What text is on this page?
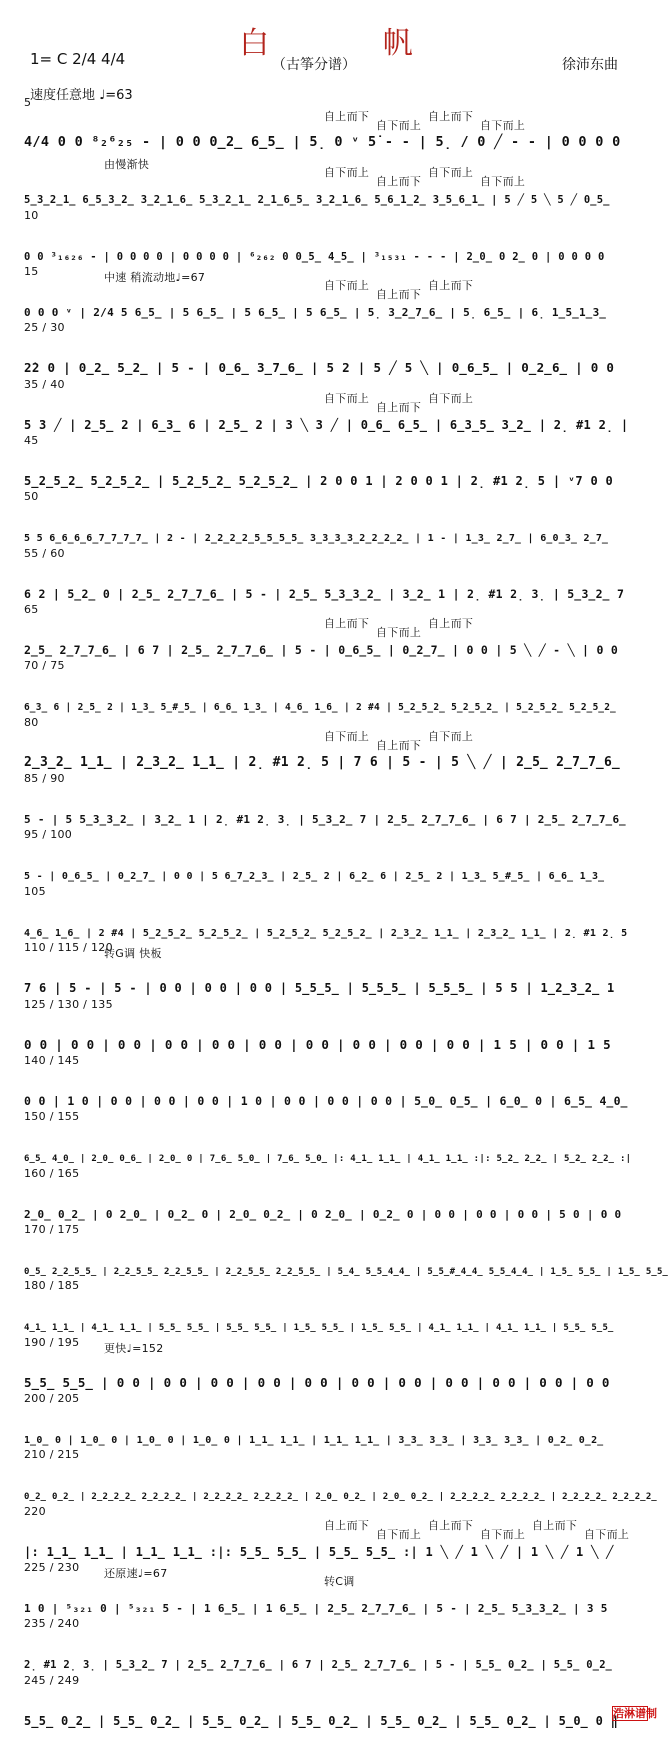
白 帆
1= C 2/4 4/4	（古筝分谱）	徐沛东曲
速度任意地 ♩=63
5
自上而下
自下而上
自上而下
自下而上
4/4 0 0 ⁸₂⁶₂₅ - | 0 0 0̲2̲ 6̲5̲ | 5̣ 0 ᵛ 5̇ - - | 5̣ / 0 ╱ - - | 0 0 0 0
由慢渐快
自下而上
自上而下
自下而上
自下而上
5̲3̲2̲1̲ 6̲5̲3̲2̲ 3̲2̲1̲6̲ 5̲3̲2̲1̲ 2̲1̲6̲5̲ 3̲2̲1̲6̲ 5̲6̲1̲2̲ 3̲5̲6̲1̲ | 5 ╱ 5 ╲ 5 ╱ 0̲5̲
10
0 0 ³₁₆₂₆ - | 0 0 0 0 | 0 0 0 0 | ⁶₂₆₂ 0 0̲5̲ 4̲5̲ | ³₁₅₃₁ - - - | 2̲0̲ 0 2̲ 0 | 0 0 0 0
15	中速 稍流动地♩=67
自下而上
自上而下
自上而下
0 0 0 ᵛ | 2/4 5 6̲5̲ | 5 6̲5̲ | 5 6̲5̲ | 5 6̲5̲ | 5̣ 3̲2̲7̲6̲ | 5̣ 6̲5̲ | 6̣ 1̲5̲1̲3̲
25 / 30
2̇2 0 | 0̲2̲ 5̲2̲ | 5 - | 0̲6̲ 3̲7̲6̲ | 5 2 | 5 ╱ 5 ╲ | 0̲6̲5̲ | 0̲2̲6̲ | 0 0
35 / 40
自下而上
自上而下
自下而上
5 3 ╱ | 2̲5̲ 2 | 6̲3̲ 6 | 2̲5̲ 2 | 3 ╲ 3 ╱ | 0̲6̲ 6̲5̲ | 6̲3̲5̲ 3̲2̲ | 2̣ #1 2̣ |
45
5̲2̲5̲2̲ 5̲2̲5̲2̲ | 5̲2̲5̲2̲ 5̲2̲5̲2̲ | 2 0 0 1 | 2 0 0 1 | 2̣ #1 2̣ 5 | ᵛ7 0 0
50
5 5 6̲6̲6̲6̲7̲7̲7̲7̲ | 2 - | 2̲2̲2̲2̲5̲5̲5̲5̲ 3̲3̲3̲3̲2̲2̲2̲2̲ | 1 - | 1̲3̲ 2̲7̲ | 6̲0̲3̲ 2̲7̲
55 / 60
6 2 | 5̲2̲ 0 | 2̲5̲ 2̲7̲7̲6̲ | 5 - | 2̲5̲ 5̲3̲3̲2̲ | 3̲2̲ 1 | 2̣ #1 2̣ 3̣ | 5̲3̲2̲ 7
65
自上而下
自下而上
自上而下
2̲5̲ 2̲7̲7̲6̲ | 6 7 | 2̲5̲ 2̲7̲7̲6̲ | 5 - | 0̲6̲5̲ | 0̲2̲7̲ | 0 0 | 5 ╲ ╱ - ╲ | 0 0
70 / 75
6̲3̲ 6 | 2̲5̲ 2 | 1̲3̲ 5̲#̲5̲ | 6̲6̲ 1̲3̲ | 4̲6̲ 1̲6̲ | 2 #4 | 5̲2̲5̲2̲ 5̲2̲5̲2̲ | 5̲2̲5̲2̲ 5̲2̲5̲2̲
80
自下而上
自上而下
自下而上
2̲3̲2̲ 1̲1̲ | 2̲3̲2̲ 1̲1̲ | 2̣ #1 2̣ 5 | 7 6 | 5 - | 5 ╲ ╱ | 2̲5̲ 2̲7̲7̲6̲
85 / 90
5 - | 5 5̲3̲3̲2̲ | 3̲2̲ 1 | 2̣ #1 2̣ 3̣ | 5̲3̲2̲ 7 | 2̲5̲ 2̲7̲7̲6̲ | 6 7 | 2̲5̲ 2̲7̲7̲6̲
95 / 100
5 - | 0̲6̲5̲ | 0̲2̲7̲ | 0 0 | 5 6̲7̲2̲3̲ | 2̲5̲ 2 | 6̲2̲ 6 | 2̲5̲ 2 | 1̲3̲ 5̲#̲5̲ | 6̲6̲ 1̲3̲
105
4̲6̲ 1̲6̲ | 2 #4 | 5̲2̲5̲2̲ 5̲2̲5̲2̲ | 5̲2̲5̲2̲ 5̲2̲5̲2̲ | 2̲3̲2̲ 1̲1̲ | 2̲3̲2̲ 1̲1̲ | 2̣ #1 2̣ 5
110 / 115 / 120
转G调 快板
7 6 | 5 - | 5 - | 0 0 | 0 0 | 0 0 | 5̲5̲5̲ | 5̲5̲5̲ | 5̲5̲5̲ | 5 5 | 1̲2̲3̲2̲ 1
125 / 130 / 135
0 0 | 0 0 | 0 0 | 0 0 | 0 0 | 0 0 | 0 0 | 0 0 | 0 0 | 0 0 | 1 5 | 0 0 | 1 5
140 / 145
0 0 | 1 0 | 0 0 | 0 0 | 0 0 | 1 0 | 0 0 | 0 0 | 0 0 | 5̲0̲ 0̲5̲ | 6̲0̲ 0 | 6̲5̲ 4̲0̲
150 / 155
6̲5̲ 4̲0̲ | 2̲0̲ 0̲6̲ | 2̲0̲ 0 | 7̲6̲ 5̲0̲ | 7̲6̲ 5̲0̲ |: 4̲1̲ 1̲1̲ | 4̲1̲ 1̲1̲ :|: 5̲2̲ 2̲2̲ | 5̲2̲ 2̲2̲ :|
160 / 165
2̲0̲ 0̲2̲ | 0 2̲0̲ | 0̲2̲ 0 | 2̲0̲ 0̲2̲ | 0 2̲0̲ | 0̲2̲ 0 | 0 0 | 0 0 | 0 0 | 5 0 | 0 0
170 / 175
0̲5̲ 2̲2̲5̲5̲ | 2̲2̲5̲5̲ 2̲2̲5̲5̲ | 2̲2̲5̲5̲ 2̲2̲5̲5̲ | 5̲4̲ 5̲5̲4̲4̲ | 5̲5̲#̲4̲4̲ 5̲5̲4̲4̲ | 1̲5̲ 5̲5̲ | 1̲5̲ 5̲5̲
180 / 185
4̲1̲ 1̲1̲ | 4̲1̲ 1̲1̲ | 5̲5̲ 5̲5̲ | 5̲5̲ 5̲5̲ | 1̲5̲ 5̲5̲ | 1̲5̲ 5̲5̲ | 4̲1̲ 1̲1̲ | 4̲1̲ 1̲1̲ | 5̲5̲ 5̲5̲
190 / 195 更快♩=152
5̲5̲ 5̲5̲ | 0 0 | 0 0 | 0 0 | 0 0 | 0 0 | 0 0 | 0 0 | 0 0 | 0 0 | 0 0 | 0 0
200 / 205
1̲0̲ 0 | 1̲0̲ 0 | 1̲0̲ 0 | 1̲0̲ 0 | 1̲1̲ 1̲1̲ | 1̲1̲ 1̲1̲ | 3̲3̲ 3̲3̲ | 3̲3̲ 3̲3̲ | 0̲2̲ 0̲2̲
210 / 215
0̲2̲ 0̲2̲ | 2̲2̲2̲2̲ 2̲2̲2̲2̲ | 2̲2̲2̲2̲ 2̲2̲2̲2̲ | 2̲0̲ 0̲2̲ | 2̲0̲ 0̲2̲ | 2̲2̲2̲2̲ 2̲2̲2̲2̲ | 2̲2̲2̲2̲ 2̲2̲2̲2̲
220
自上而下
自下而上
自上而下
自下而上
自上而下
自下而上
|: 1̲1̲ 1̲1̲ | 1̲1̲ 1̲1̲ :|: 5̲5̲ 5̲5̲ | 5̲5̲ 5̲5̲ :| 1 ╲ ╱ 1 ╲ ╱ | 1 ╲ ╱ 1 ╲ ╱
225 / 230 还原速♩=67
转C调
1 0 | ⁵₃₂₁ 0 | ⁵₃₂₁ 5 - | 1 6̲5̲ | 1 6̲5̲ | 2̲5̲ 2̲7̲7̲6̲ | 5 - | 2̲5̲ 5̲3̲3̲2̲ | 3 5
235 / 240
2̣ #1 2̣ 3̣ | 5̲3̲2̲ 7 | 2̲5̲ 2̲7̲7̲6̲ | 6 7 | 2̲5̲ 2̲7̲7̲6̲ | 5 - | 5̲5̲ 0̲2̲ | 5̲5̲ 0̲2̲
245 / 249
5̲5̲ 0̲2̲ | 5̲5̲ 0̲2̲ | 5̲5̲ 0̲2̲ | 5̲5̲ 0̲2̲ | 5̲5̲ 0̲2̲ | 5̲5̲ 0̲2̲ | 5̲0̲ 0 ‖
浩淋谱制
